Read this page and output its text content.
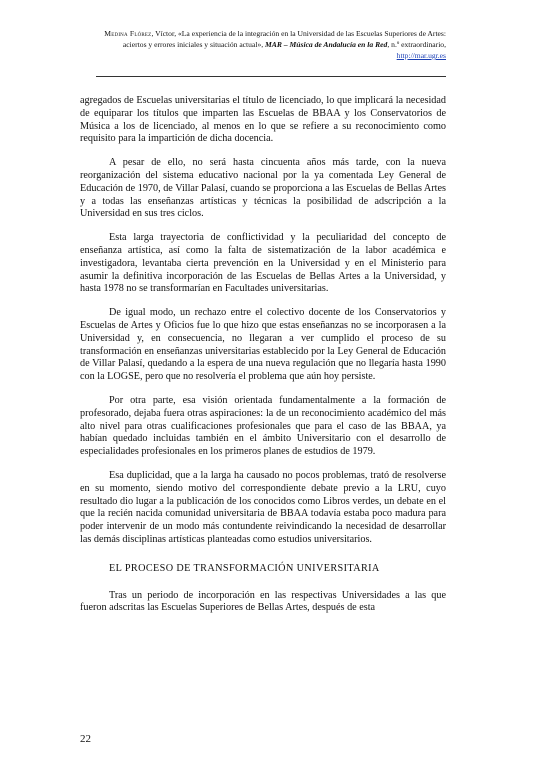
Medina Flórez, Víctor, «La experiencia de la integración en la Universidad de las Escuelas Superiores de Artes: aciertos y errores iniciales y situación actual», MAR – Música de Andalucía en la Red, n.º extraordinario, http://mar.ugr.es

agregados de Escuelas universitarias el título de licenciado, lo que implicará la necesidad de equiparar los títulos que imparten las Escuelas de BBAA y los Conservatorios de Música a los de licenciado, al menos en lo que se refiere a su reconocimiento como requisito para la impartición de dicha docencia.

A pesar de ello, no será hasta cincuenta años más tarde, con la nueva reorganización del sistema educativo nacional por la ya comentada Ley General de Educación de 1970, de Villar Palasí, cuando se proporciona a las Escuelas de Bellas Artes y a todas las enseñanzas artísticas y técnicas la posibilidad de adscripción a la Universidad en sus tres ciclos.

Esta larga trayectoria de conflictividad y la peculiaridad del concepto de enseñanza artística, así como la falta de sistematización de la labor académica e investigadora, levantaba cierta prevención en la Universidad y en el Ministerio para asumir la definitiva incorporación de las Escuelas de Bellas Artes a la Universidad, y hasta 1978 no se transformarían en Facultades universitarias.

De igual modo, un rechazo entre el colectivo docente de los Conservatorios y Escuelas de Artes y Oficios fue lo que hizo que estas enseñanzas no se incorporasen a la Universidad y, en consecuencia, no llegaran a ver cumplido el proceso de su transformación en enseñanzas universitarias establecido por la Ley General de Educación de Villar Palasí, quedando a la espera de una nueva regulación que no llegaría hasta 1990 con la LOGSE, pero que no resolvería el problema que aún hoy persiste.

Por otra parte, esa visión orientada fundamentalmente a la formación de profesorado, dejaba fuera otras aspiraciones: la de un reconocimiento académico del más alto nivel para otras cualificaciones profesionales que para el caso de las BBAA, ya habían quedado incluidas también en el ámbito Universitario con el desarrollo de especialidades profesionales en los primeros planes de estudios de 1979.

Esa duplicidad, que a la larga ha causado no pocos problemas, trató de resolverse en su momento, siendo motivo del correspondiente debate previo a la LRU, cuyo resultado dio lugar a la publicación de los conocidos como Libros verdes, un debate en el que la recién nacida comunidad universitaria de BBAA todavía estaba poco madura para poder intervenir de un modo más contundente reivindicando la necesidad de desarrollar las demás disciplinas artísticas planteadas como estudios universitarios.

EL PROCESO DE TRANSFORMACIÓN UNIVERSITARIA

Tras un periodo de incorporación en las respectivas Universidades a las que fueron adscritas las Escuelas Superiores de Bellas Artes, después de esta

22
